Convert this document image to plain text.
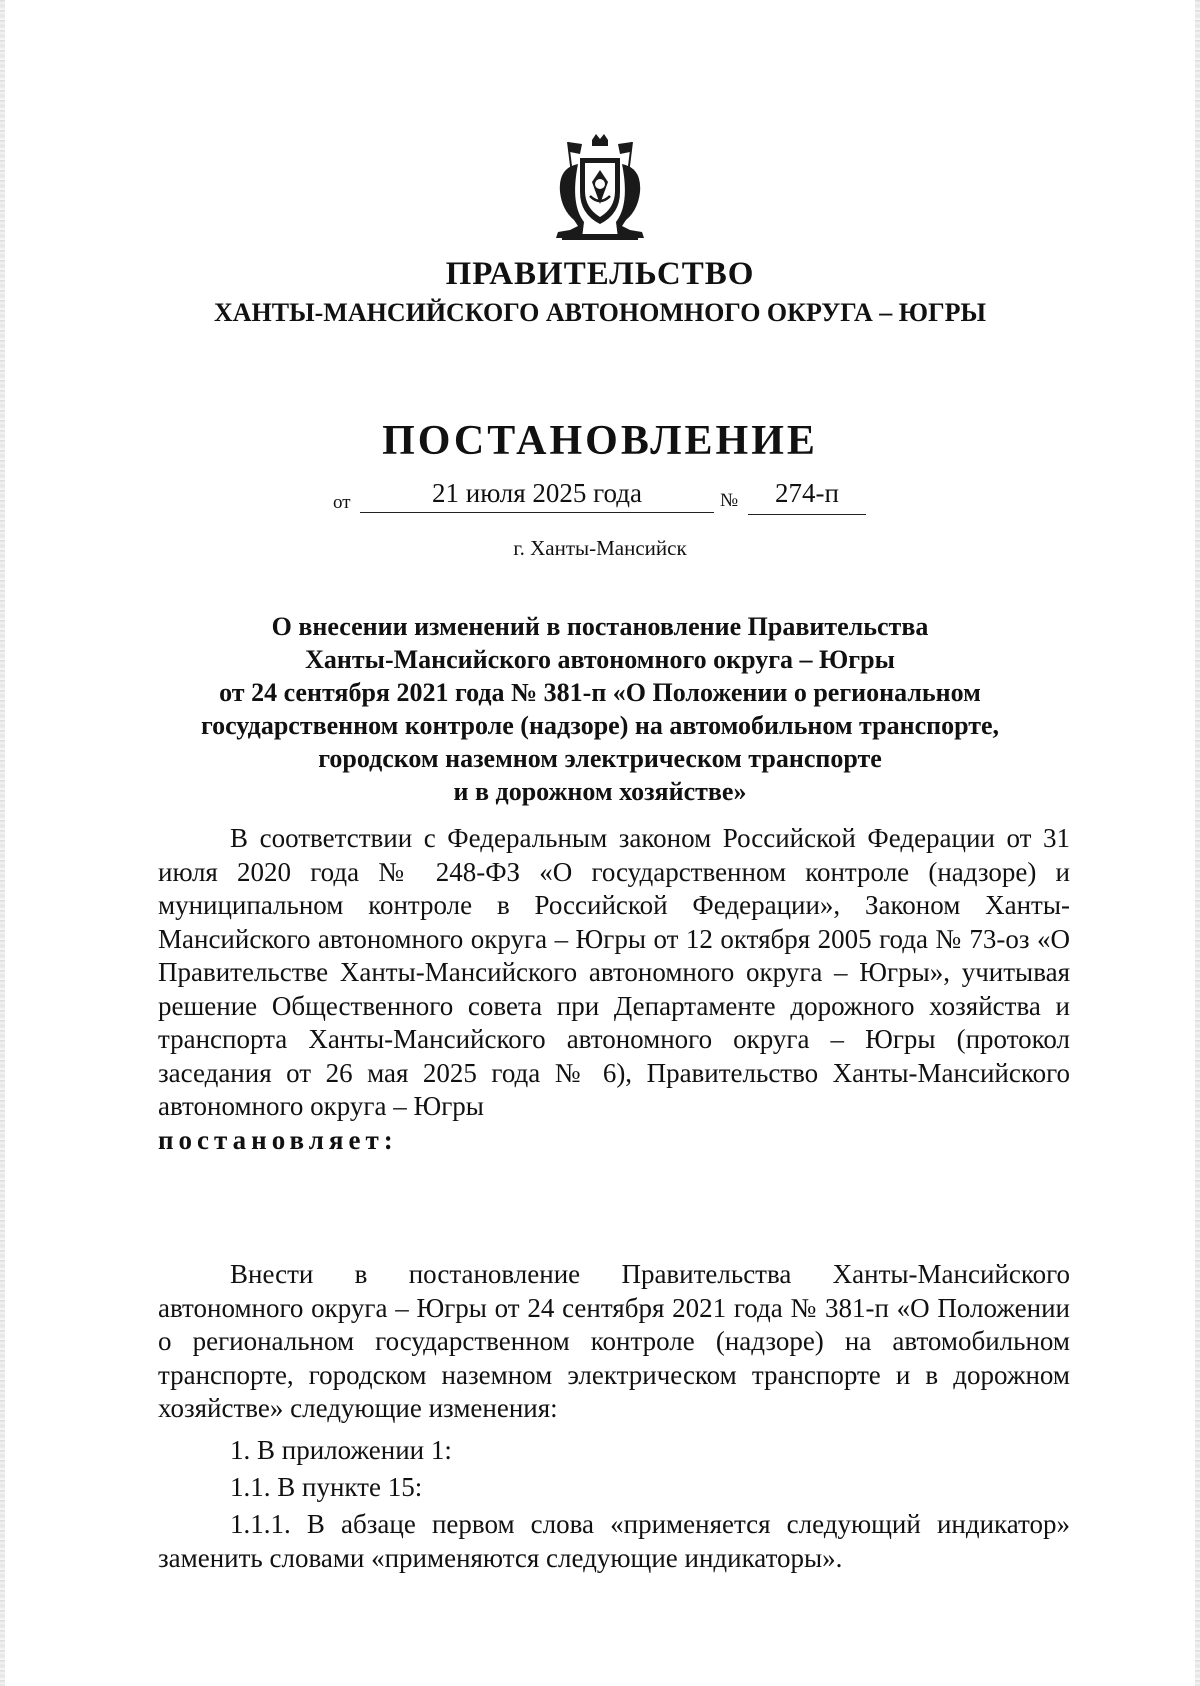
ПРАВИТЕЛЬСТВО
ХАНТЫ-МАНСИЙСКОГО АВТОНОМНОГО ОКРУГА – ЮГРЫ
ПОСТАНОВЛЕНИЕ
от	21 июля 2025 года	№	274-п
г. Ханты-Мансийск
О внесении изменений в постановление Правительства
Ханты-Мансийского автономного округа – Югры
от 24 сентября 2021 года № 381-п «О Положении о региональном
государственном контроле (надзоре) на автомобильном транспорте,
городском наземном электрическом транспорте
и в дорожном хозяйстве»

В соответствии с Федеральным законом Российской Федерации от 31 июля 2020 года № 248-ФЗ «О государственном контроле (надзоре) и муниципальном контроле в Российской Федерации», Законом Ханты-Мансийского автономного округа – Югры от 12 октября 2005 года № 73-оз «О Правительстве Ханты-Мансийского автономного округа – Югры», учитывая решение Общественного совета при Департаменте дорожного хозяйства и транспорта Ханты-Мансийского автономного округа – Югры (протокол заседания от 26 мая 2025 года № 6), Правительство Ханты-Мансийского автономного округа – Югры
постановляет:

Внести в постановление Правительства Ханты-Мансийского автономного округа – Югры от 24 сентября 2021 года № 381-п «О Положении о региональном государственном контроле (надзоре) на автомобильном транспорте, городском наземном электрическом транспорте и в дорожном хозяйстве» следующие изменения:

1. В приложении 1:

1.1. В пункте 15:

1.1.1. В абзаце первом слова «применяется следующий индикатор» заменить словами «применяются следующие индикаторы».
